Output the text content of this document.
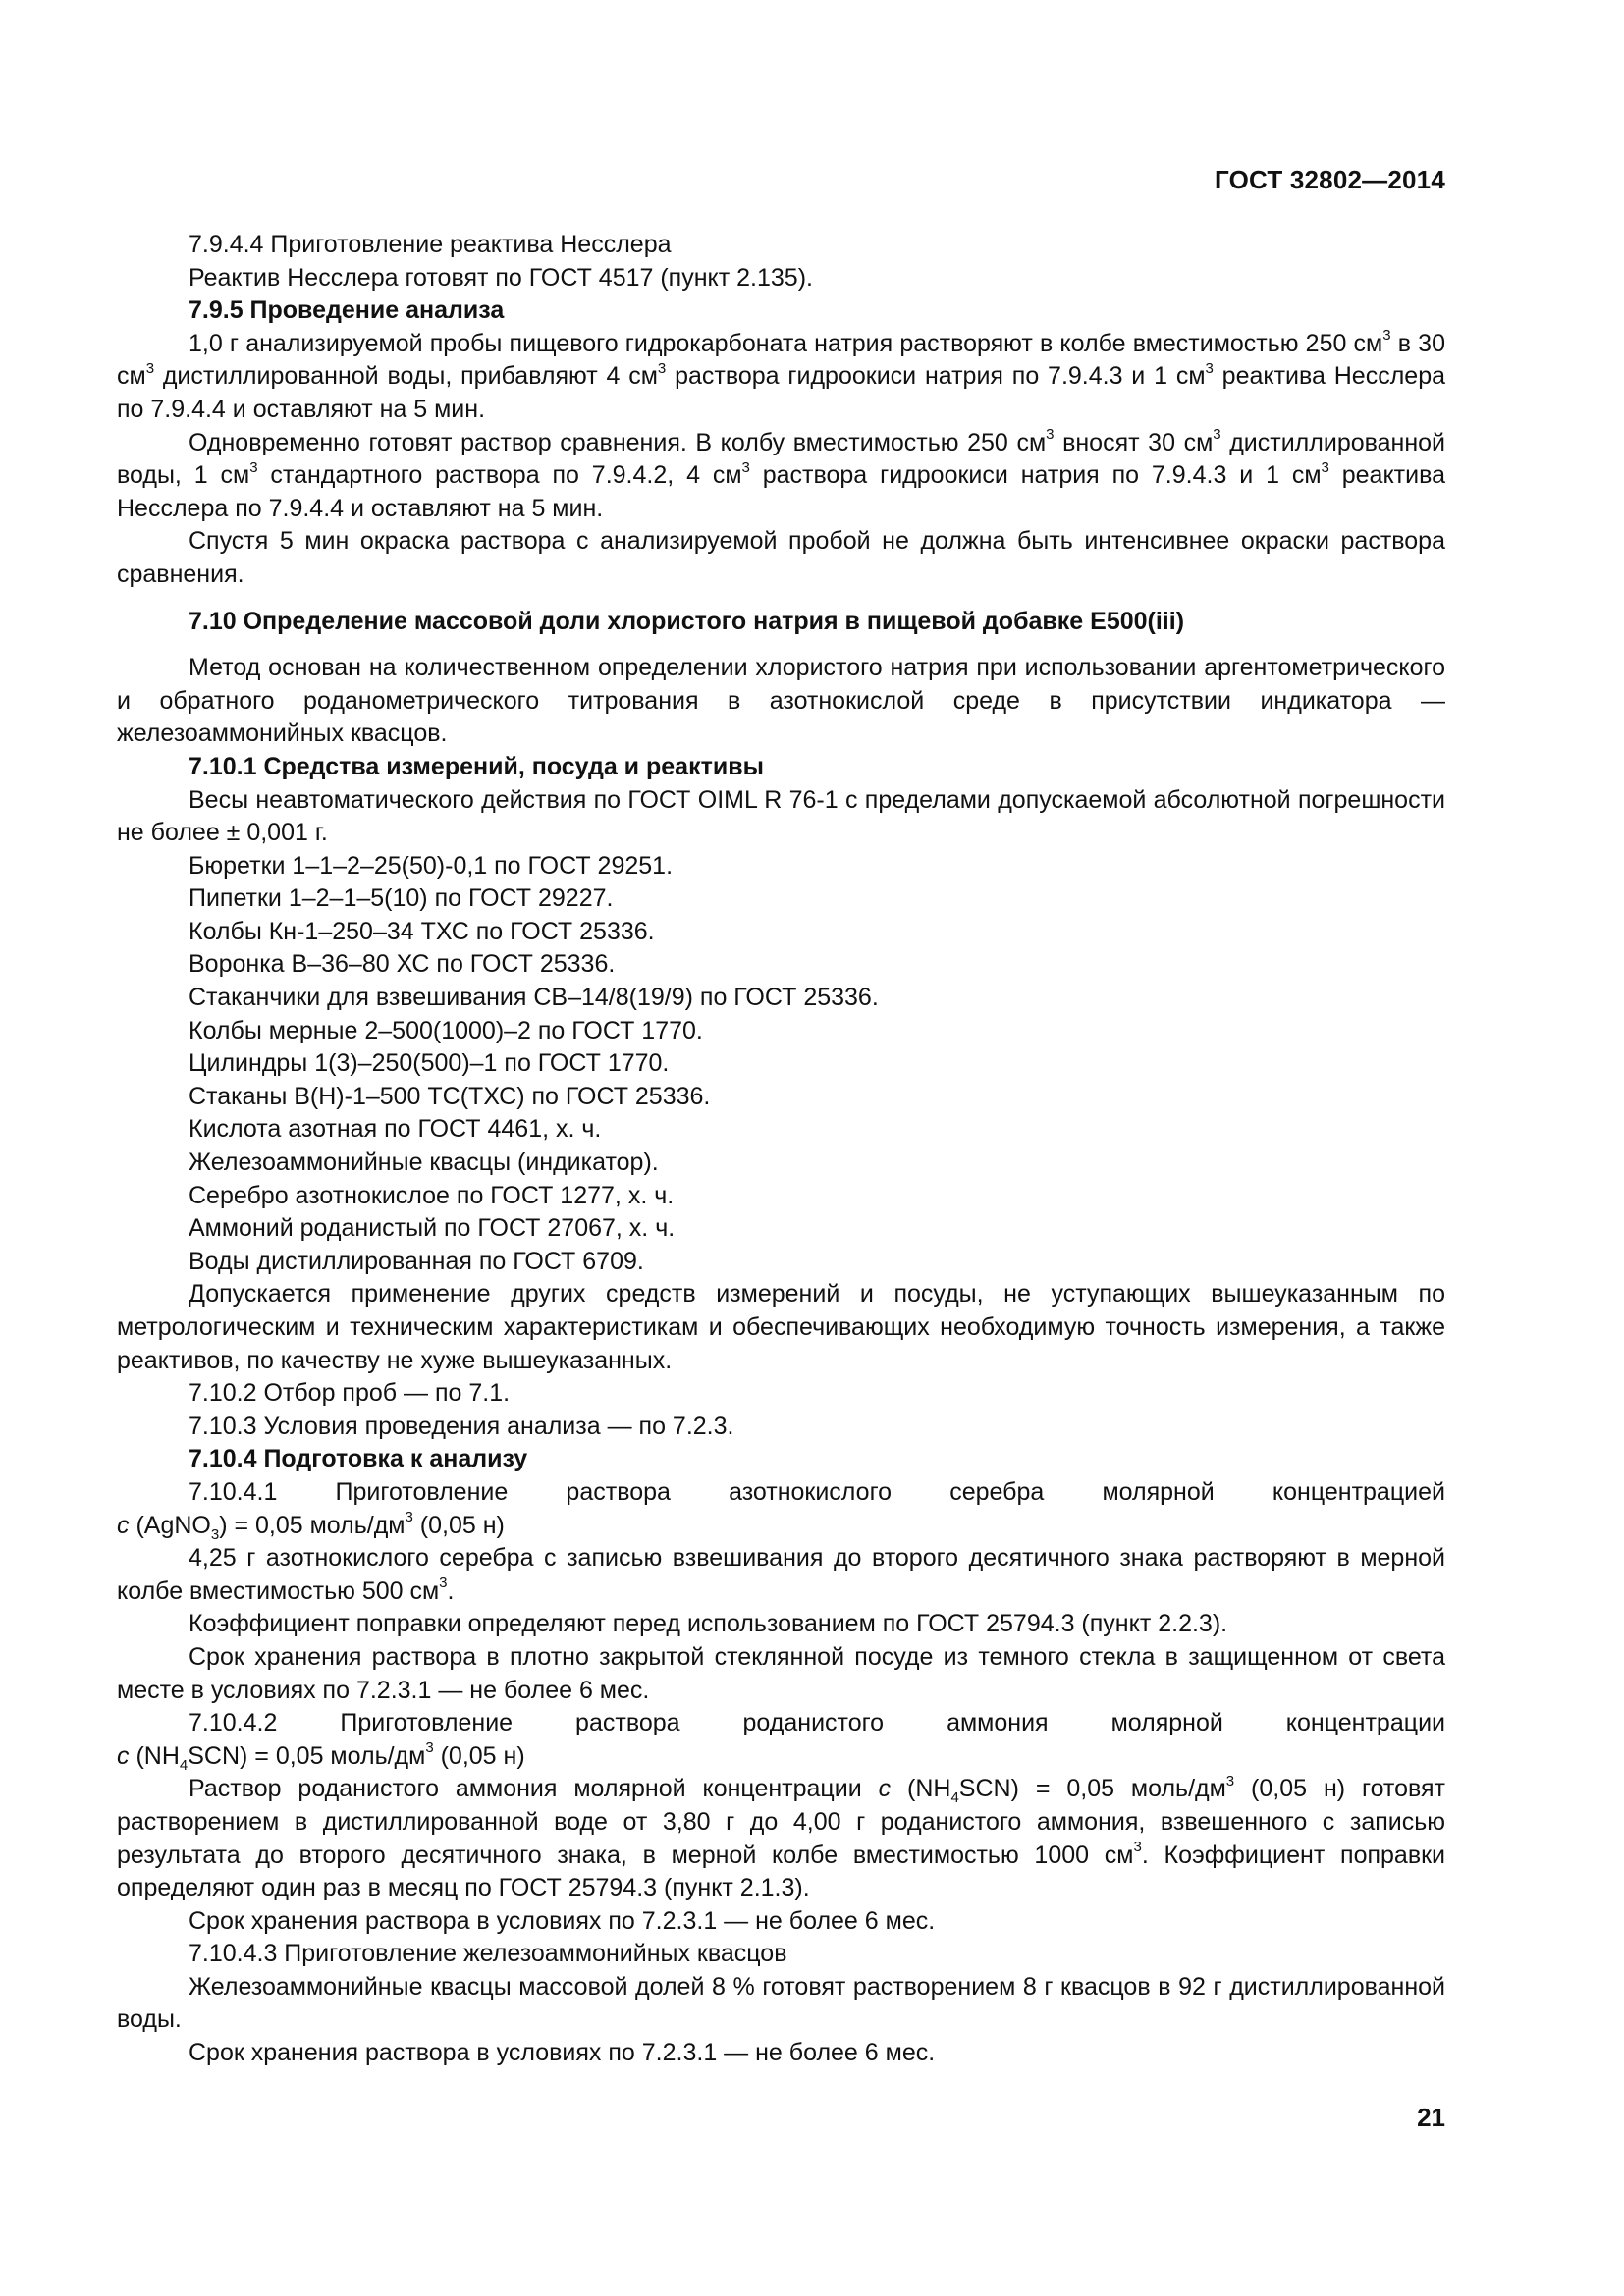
ГОСТ 32802—2014

7.9.4.4 Приготовление реактива Несслера

Реактив Несслера готовят по ГОСТ 4517 (пункт 2.135).

7.9.5 Проведение анализа

1,0 г анализируемой пробы пищевого гидрокарбоната натрия растворяют в колбе вместимостью 250 $см^3$ в 30 $см^3$ дистиллированной воды, прибавляют 4 $см^3$ раствора гидроокиси натрия по 7.9.4.3 и 1 $см^3$ реактива Несслера по 7.9.4.4 и оставляют на 5 мин.

Одновременно готовят раствор сравнения. В колбу вместимостью 250 $см^3$ вносят 30 $см^3$ дистиллированной воды, 1 $см^3$ стандартного раствора по 7.9.4.2, 4 $см^3$ раствора гидроокиси натрия по 7.9.4.3 и 1 $см^3$ реактива Несслера по 7.9.4.4 и оставляют на 5 мин.

Спустя 5 мин окраска раствора с анализируемой пробой не должна быть интенсивнее окраски раствора сравнения.

7.10 Определение массовой доли хлористого натрия в пищевой добавке Е500(iii)

Метод основан на количественном определении хлористого натрия при использовании аргентометрического и обратного роданометрического титрования в азотнокислой среде в присутствии индикатора — железоаммонийных квасцов.

7.10.1 Средства измерений, посуда и реактивы

Весы неавтоматического действия по ГОСТ OIML R 76-1 с пределами допускаемой абсолютной погрешности не более ± 0,001 г.

Бюретки 1–1–2–25(50)-0,1 по ГОСТ 29251.

Пипетки 1–2–1–5(10) по ГОСТ 29227.

Колбы Кн-1–250–34 ТХС по ГОСТ 25336.

Воронка В–36–80 ХС по ГОСТ 25336.

Стаканчики для взвешивания СВ–14/8(19/9) по ГОСТ 25336.

Колбы мерные 2–500(1000)–2 по ГОСТ 1770.

Цилиндры 1(3)–250(500)–1 по ГОСТ 1770.

Стаканы В(Н)-1–500 ТС(ТХС) по ГОСТ 25336.

Кислота азотная по ГОСТ 4461, х. ч.

Железоаммонийные квасцы (индикатор).

Серебро азотнокислое по ГОСТ 1277, х. ч.

Аммоний роданистый по ГОСТ 27067, х. ч.

Воды дистиллированная по ГОСТ 6709.

Допускается применение других средств измерений и посуды, не уступающих вышеуказанным по метрологическим и техническим характеристикам и обеспечивающих необходимую точность измерения, а также реактивов, по качеству не хуже вышеуказанных.

7.10.2 Отбор проб — по 7.1.

7.10.3 Условия проведения анализа — по 7.2.3.

7.10.4 Подготовка к анализу

7.10.4.1 Приготовление раствора азотнокислого серебра молярной концентрацией

с (AgNO$_3$) = 0,05 моль/$дм^3$ (0,05 н)

4,25 г азотнокислого серебра с записью взвешивания до второго десятичного знака растворяют в мерной колбе вместимостью 500 $см^3$.

Коэффициент поправки определяют перед использованием по ГОСТ 25794.3 (пункт 2.2.3).

Срок хранения раствора в плотно закрытой стеклянной посуде из темного стекла в защищенном от света месте в условиях по 7.2.3.1 — не более 6 мес.

7.10.4.2 Приготовление раствора роданистого аммония молярной концентрации

с $(NH_4SCN) = 0,05$ моль/$дм^3$ (0,05 н)

Раствор роданистого аммония молярной концентрации с $(NH_4SCN) = 0,05$ моль/$дм^3$ (0,05 н) готовят растворением в дистиллированной воде от 3,80 г до 4,00 г роданистого аммония, взвешенного с записью результата до второго десятичного знака, в мерной колбе вместимостью 1000 $см^3$. Коэффициент поправки определяют один раз в месяц по ГОСТ 25794.3 (пункт 2.1.3).

Срок хранения раствора в условиях по 7.2.3.1 — не более 6 мес.

7.10.4.3 Приготовление железоаммонийных квасцов

Железоаммонийные квасцы массовой долей 8 % готовят растворением 8 г квасцов в 92 г дистиллированной воды.

Срок хранения раствора в условиях по 7.2.3.1 — не более 6 мес.

21
